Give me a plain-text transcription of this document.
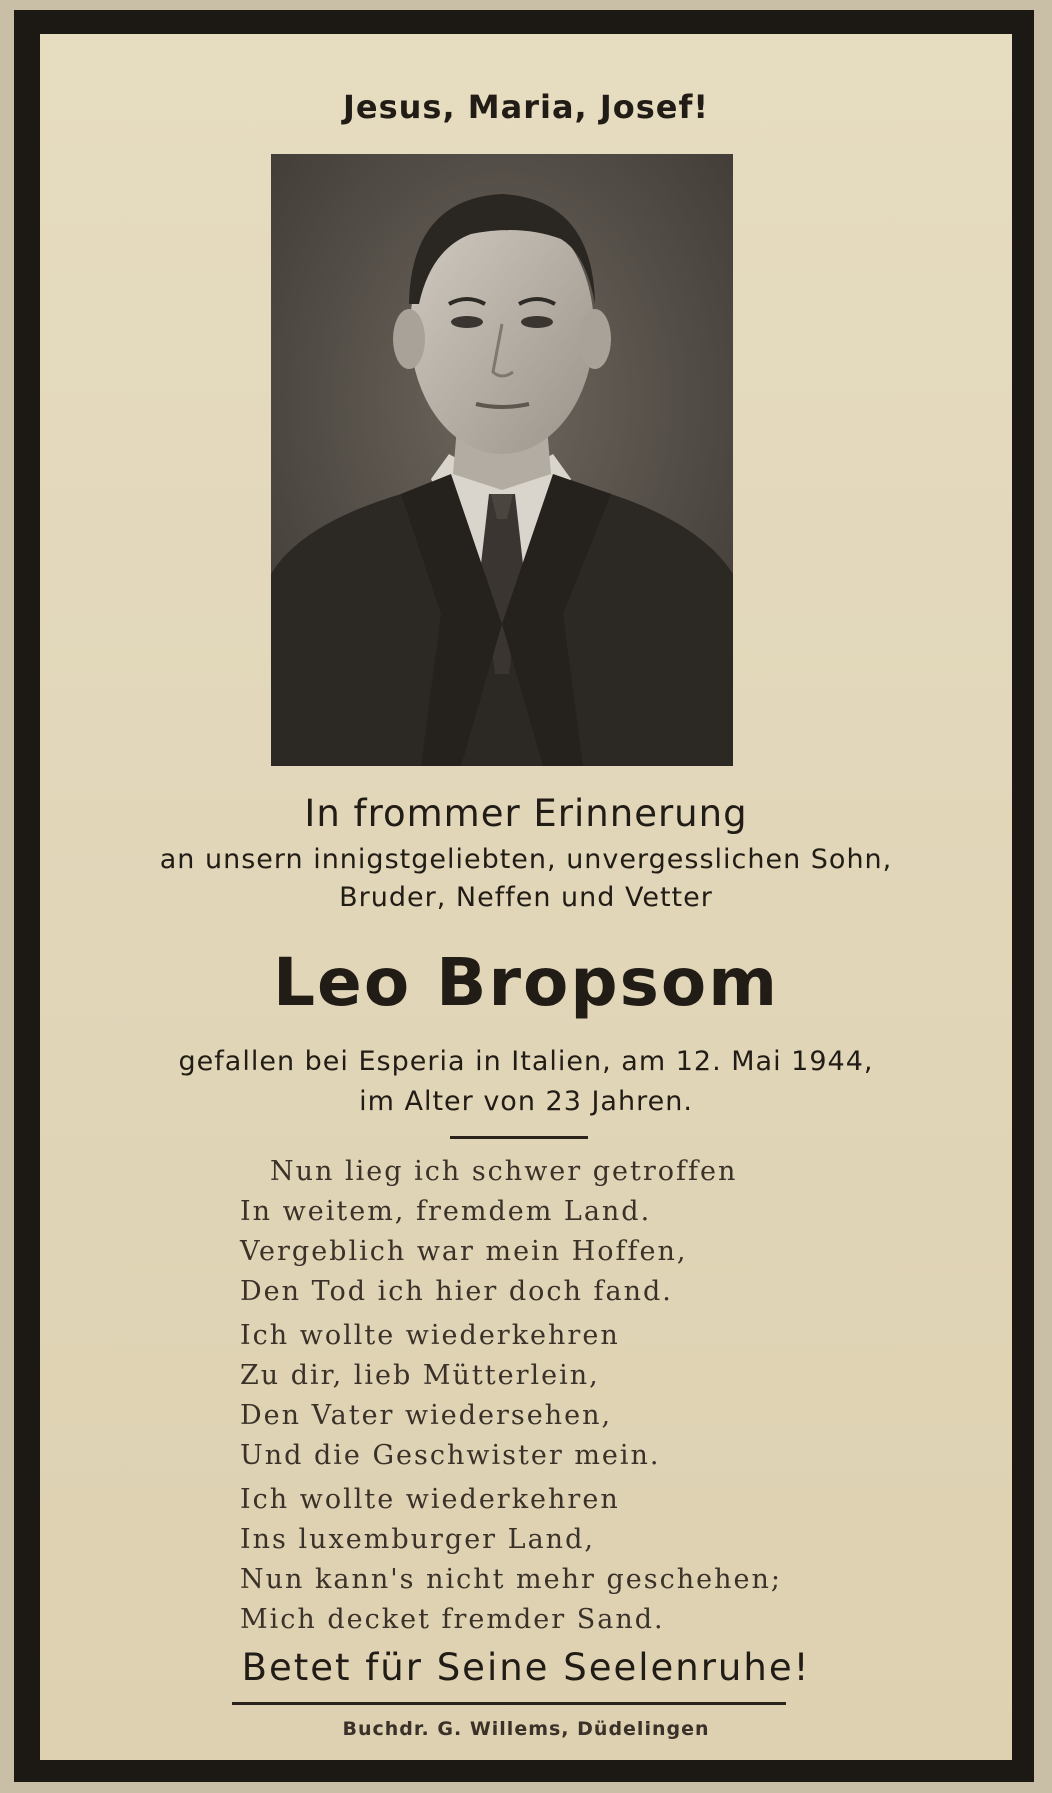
Jesus, Maria, Josef!
In frommer Erinnerung
an unsern innigstgeliebten, unvergesslichen Sohn,
Bruder, Neffen und Vetter
Leo Bropsom
gefallen bei Esperia in Italien, am 12. Mai 1944,
im Alter von 23 Jahren.
Nun lieg ich schwer getroffen
In weitem, fremdem Land.
Vergeblich war mein Hoffen,
Den Tod ich hier doch fand.
Ich wollte wiederkehren
Zu dir, lieb Mütterlein,
Den Vater wiedersehen,
Und die Geschwister mein.
Ich wollte wiederkehren
Ins luxemburger Land,
Nun kann's nicht mehr geschehen;
Mich decket fremder Sand.
Betet für Seine Seelenruhe!
Buchdr. G. Willems, Düdelingen
